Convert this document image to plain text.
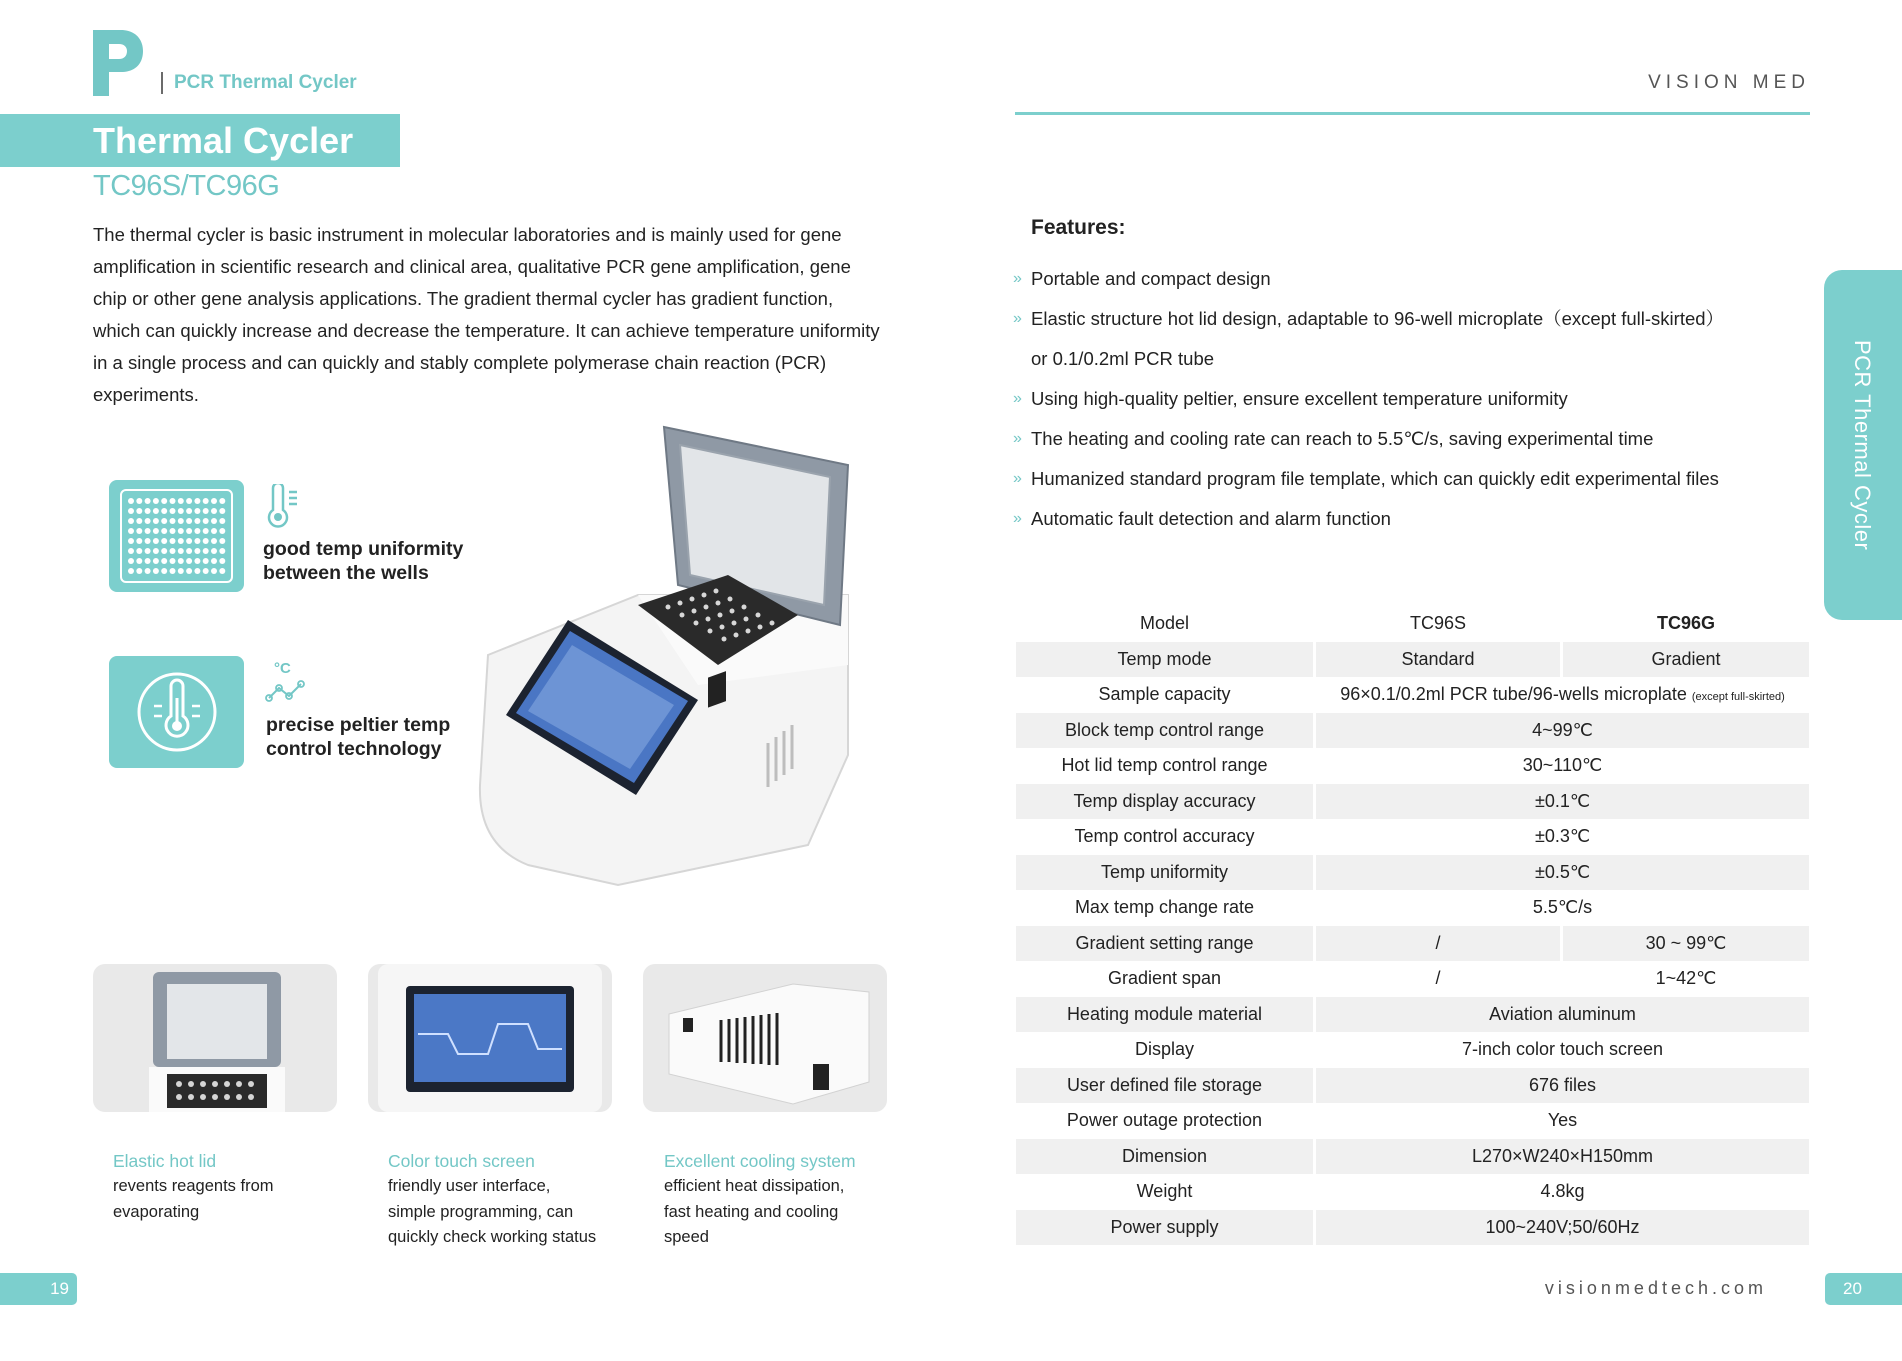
PCR Thermal Cycler
Thermal Cycler
TC96S/TC96G
The thermal cycler is basic instrument in molecular laboratories and is mainly used for gene amplification in scientific research and clinical area, qualitative PCR gene amplification, gene chip or other gene analysis applications. The gradient thermal cycler has gradient function, which can quickly increase and decrease the temperature. It can achieve temperature uniformity in a single process and can quickly and stably complete polymerase chain reaction (PCR) experiments.
good temp uniformity
between the wells
°C
precise peltier temp
control technology
Elastic hot lid
revents reagents from
evaporating
Color touch screen
friendly user interface,
simple programming, can
quickly check working status
Excellent cooling system
efficient heat dissipation,
fast heating and cooling
speed
19
VISION MED
Features:
» Portable and compact design
» Elastic structure hot lid design, adaptable to 96-well microplate（except full-skirted）
or 0.1/0.2ml PCR tube
» Using high-quality peltier, ensure excellent temperature uniformity
» The heating and cooling rate can reach to 5.5℃/s, saving experimental time
» Humanized standard program file template, which can quickly edit experimental files
» Automatic fault detection and alarm function	PCR Thermal Cycler
Model	TC96S	TC96G
Temp mode	Standard	Gradient
Sample capacity	96×0.1/0.2ml PCR tube/96-wells microplate (except full-skirted)	
Block temp control range	4~99℃	
Hot lid temp control range	30~110℃	
Temp display accuracy	±0.1℃	
Temp control accuracy	±0.3℃	
Temp uniformity	±0.5℃	
Max temp change rate	5.5℃/s	
Gradient setting range	/	30 ~ 99℃
Gradient span	/	1~42℃
Heating module material	Aviation aluminum	
Display	7-inch color touch screen	
User defined file storage	676 files	
Power outage protection	Yes	
Dimension	L270×W240×H150mm	
Weight	4.8kg	
Power supply	100~240V;50/60Hz	
visionmedtech.com	20
